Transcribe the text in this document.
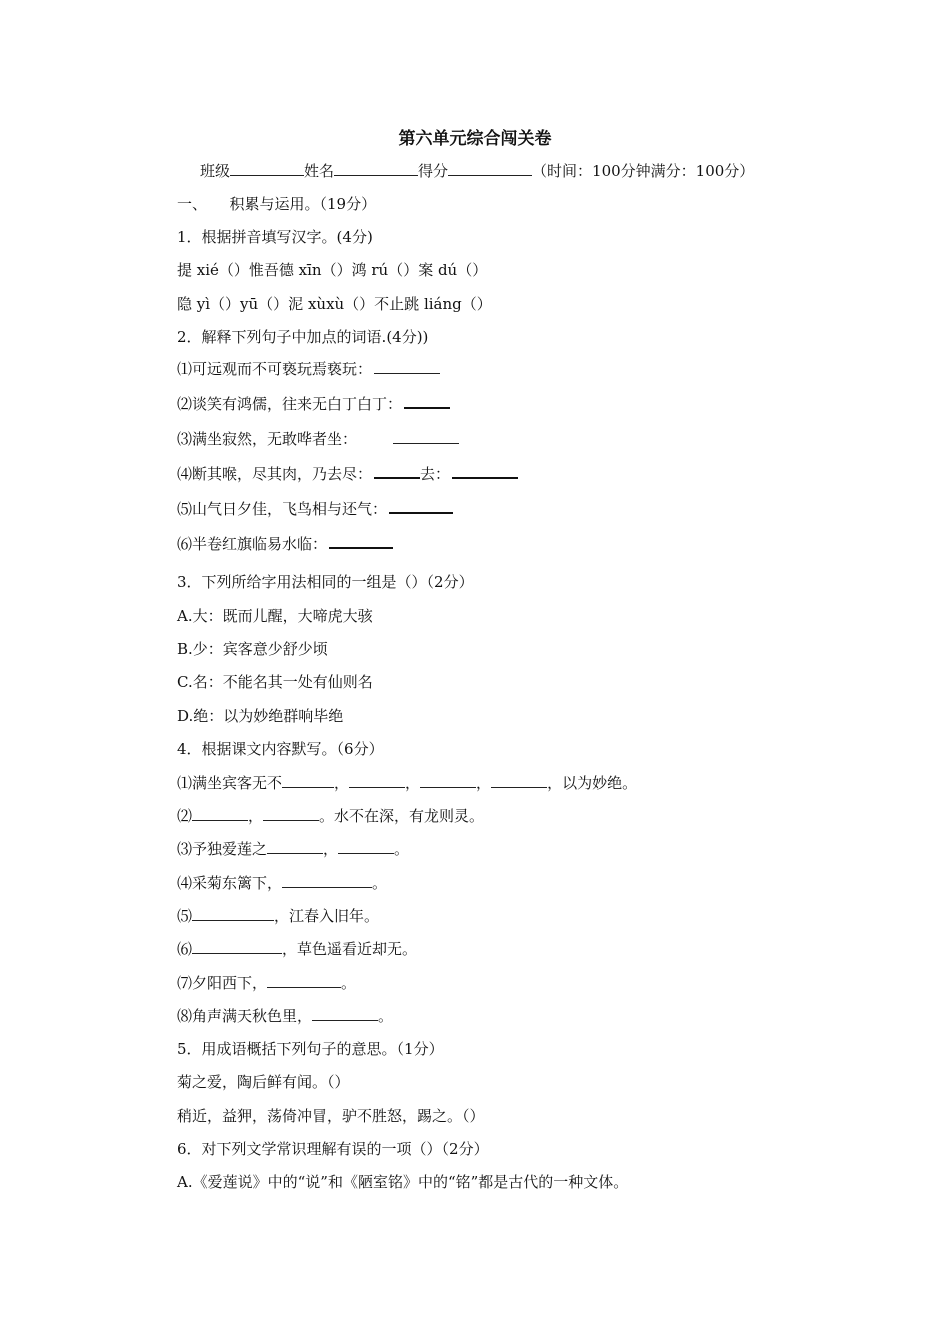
第六单元综合闯关卷
班级	姓名	得分	（时间：100分钟满分：100分）
一、　　积累与运用。（19分）
1．根据拼音填写汉字。(4分)
提 xié（）惟吾德 xīn（）鸿 rú（）案 dú（）
隐 yì（）yū（）泥 xùxù（）不止跳 liáng（）
2．解释下列句子中加点的词语.(4分))
⑴可远观而不可亵玩焉亵玩：
⑵谈笑有鸿儒，往来无白丁白丁：
⑶满坐寂然，无敢哗者坐：
⑷断其喉，尽其肉，乃去尽：	去：
⑸山气日夕佳，飞鸟相与还气：
⑹半卷红旗临易水临：
3．下列所给字用法相同的一组是（）（2分）
A.大：既而儿醒，大啼虎大骇
B.少：宾客意少舒少顷
C.名：不能名其一处有仙则名
D.绝：以为妙绝群响毕绝
4．根据课文内容默写。（6分）
⑴满坐宾客无不	，	，	，	，以为妙绝。
⑵	，	。水不在深，有龙则灵。
⑶予独爱莲之	，	。
⑷采菊东篱下，	。
⑸	，江春入旧年。
⑹	，草色遥看近却无。
⑺夕阳西下，	。
⑻角声满天秋色里，	。
5．用成语概括下列句子的意思。（1分）
菊之爱，陶后鲜有闻。（）
稍近，益狎，荡倚冲冒，驴不胜怒，踢之。（）
6．对下列文学常识理解有误的一项（）（2分）
A.《爱莲说》中的“说”和《陋室铭》中的“铭”都是古代的一种文体。
